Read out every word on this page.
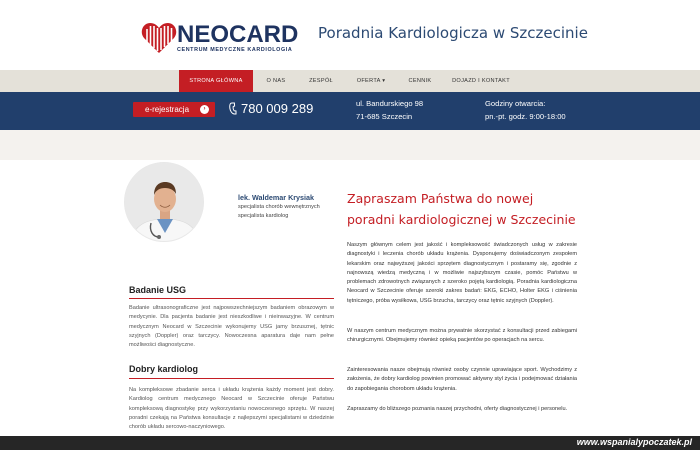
NEOCARD
CENTRUM MEDYCZNE KARDIOLOGIA
Poradnia Kardiologicza w Szczecinie
STRONA GŁÓWNA	O NAS	ZESPÓŁ	OFERTA ▾	CENNIK	DOJAZD I KONTAKT
e-rejestracja	›	780 009 289	ul. Bandurskiego 98
71-685 Szczecin
Godziny otwarcia:
pn.-pt. godz. 9:00-18:00
lek. Waldemar Krysiak
specjalista chorób wewnętrznych
specjalista kardiolog
Badanie USG
Badanie ultrasonograficzne jest najpowszechniejszym badaniem obrazowym w medycynie. Dla pacjenta badanie jest nieszkodliwe i nieinwazyjne. W centrum medycznym Neocard w Szczecinie wykonujemy USG jamy brzusznej, tętnic szyjnych (Doppler) oraz tarczycy. Nowoczesna aparatura daje nam pełne możliwości diagnostyczne.
Dobry kardiolog
Na kompleksowe zbadanie serca i układu krążenia każdy moment jest dobry. Kardiolog centrum medycznego Neocard w Szczecinie oferuje Państwu kompleksową diagnostykę przy wykorzystaniu nowoczesnego sprzętu. W naszej poradni czekają na Państwa konsultacje z najlepszymi specjalistami w dziedzinie chorób układu sercowo-naczyniowego.
Zapraszam Państwa do nowej poradni kardiologicznej w Szczecinie
Naszym głównym celem jest jakość i kompleksowość świadczonych usług w zakresie diagnostyki i leczenia chorób układu krążenia. Dysponujemy doświadczonym zespołem lekarskim oraz najwyższej jakości sprzętem diagnostycznym i postaramy się, zgodnie z najnowszą wiedzą medyczną i w możliwie najszybszym czasie, pomóc Państwu w problemach zdrowotnych związanych z szeroko pojętą kardiologią. Poradnia kardiologiczna Neocard w Szczecinie oferuje szeroki zakres badań: EKG, ECHO, Holter EKG i ciśnienia tętniczego, próba wysiłkowa, USG brzucha, tarczycy oraz tętnic szyjnych (Doppler).
W naszym centrum medycznym można prywatnie skorzystać z konsultacji przed zabiegami chirurgicznymi. Obejmujemy również opieką pacjentów po operacjach na sercu.
Zainteresowania nasze obejmują również osoby czynnie uprawiające sport. Wychodzimy z założenia, że dobry kardiolog powinien promować aktywny styl życia i podejmować działania do zapobiegania chorobom układu krążenia.
Zapraszamy do bliższego poznania naszej przychodni, oferty diagnostycznej i personelu.
www.wspanialypoczatek.pl
